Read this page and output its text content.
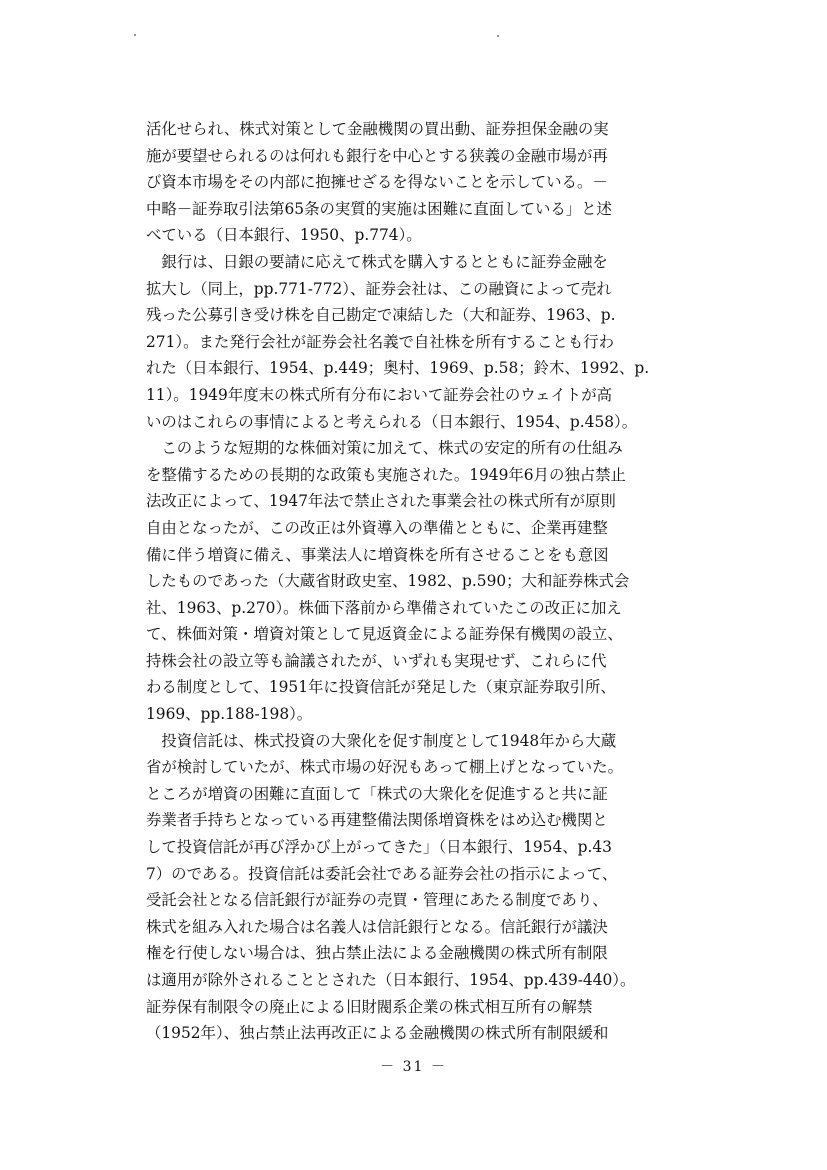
活化せられ、株式対策として金融機関の買出動、証券担保金融の実
施が要望せられるのは何れも銀行を中心とする狭義の金融市場が再
び資本市場をその内部に抱擁せざるを得ないことを示している。－
中略－証券取引法第65条の実質的実施は困難に直面している」と述
べている（日本銀行、1950、p.774）。
　銀行は、日銀の要請に応えて株式を購入するとともに証券金融を
拡大し（同上，pp.771-772）、証券会社は、この融資によって売れ
残った公募引き受け株を自己勘定で凍結した（大和証券、1963、p.
271）。また発行会社が証券会社名義で自社株を所有することも行わ
れた（日本銀行、1954、p.449；奥村、1969、p.58；鈴木、1992、p.
11）。1949年度末の株式所有分布において証券会社のウェイトが高
いのはこれらの事情によると考えられる（日本銀行、1954、p.458）。
　このような短期的な株価対策に加えて、株式の安定的所有の仕組み
を整備するための長期的な政策も実施された。1949年6月の独占禁止
法改正によって、1947年法で禁止された事業会社の株式所有が原則
自由となったが、この改正は外資導入の準備とともに、企業再建整
備に伴う増資に備え、事業法人に増資株を所有させることをも意図
したものであった（大蔵省財政史室、1982、p.590；大和証券株式会
社、1963、p.270）。株価下落前から準備されていたこの改正に加え
て、株価対策・増資対策として見返資金による証券保有機関の設立、
持株会社の設立等も論議されたが、いずれも実現せず、これらに代
わる制度として、1951年に投資信託が発足した（東京証券取引所、
1969、pp.188-198）。
　投資信託は、株式投資の大衆化を促す制度として1948年から大蔵
省が検討していたが、株式市場の好況もあって棚上げとなっていた。
ところが増資の困難に直面して「株式の大衆化を促進すると共に証
券業者手持ちとなっている再建整備法関係増資株をはめ込む機関と
して投資信託が再び浮かび上がってきた」（日本銀行、1954、p.43
7）のである。投資信託は委託会社である証券会社の指示によって、
受託会社となる信託銀行が証券の売買・管理にあたる制度であり、
株式を組み入れた場合は名義人は信託銀行となる。信託銀行が議決
権を行使しない場合は、独占禁止法による金融機関の株式所有制限
は適用が除外されることとされた（日本銀行、1954、pp.439-440）。
証券保有制限令の廃止による旧財閥系企業の株式相互所有の解禁
（1952年）、独占禁止法再改正による金融機関の株式所有制限緩和
－ 31 －
